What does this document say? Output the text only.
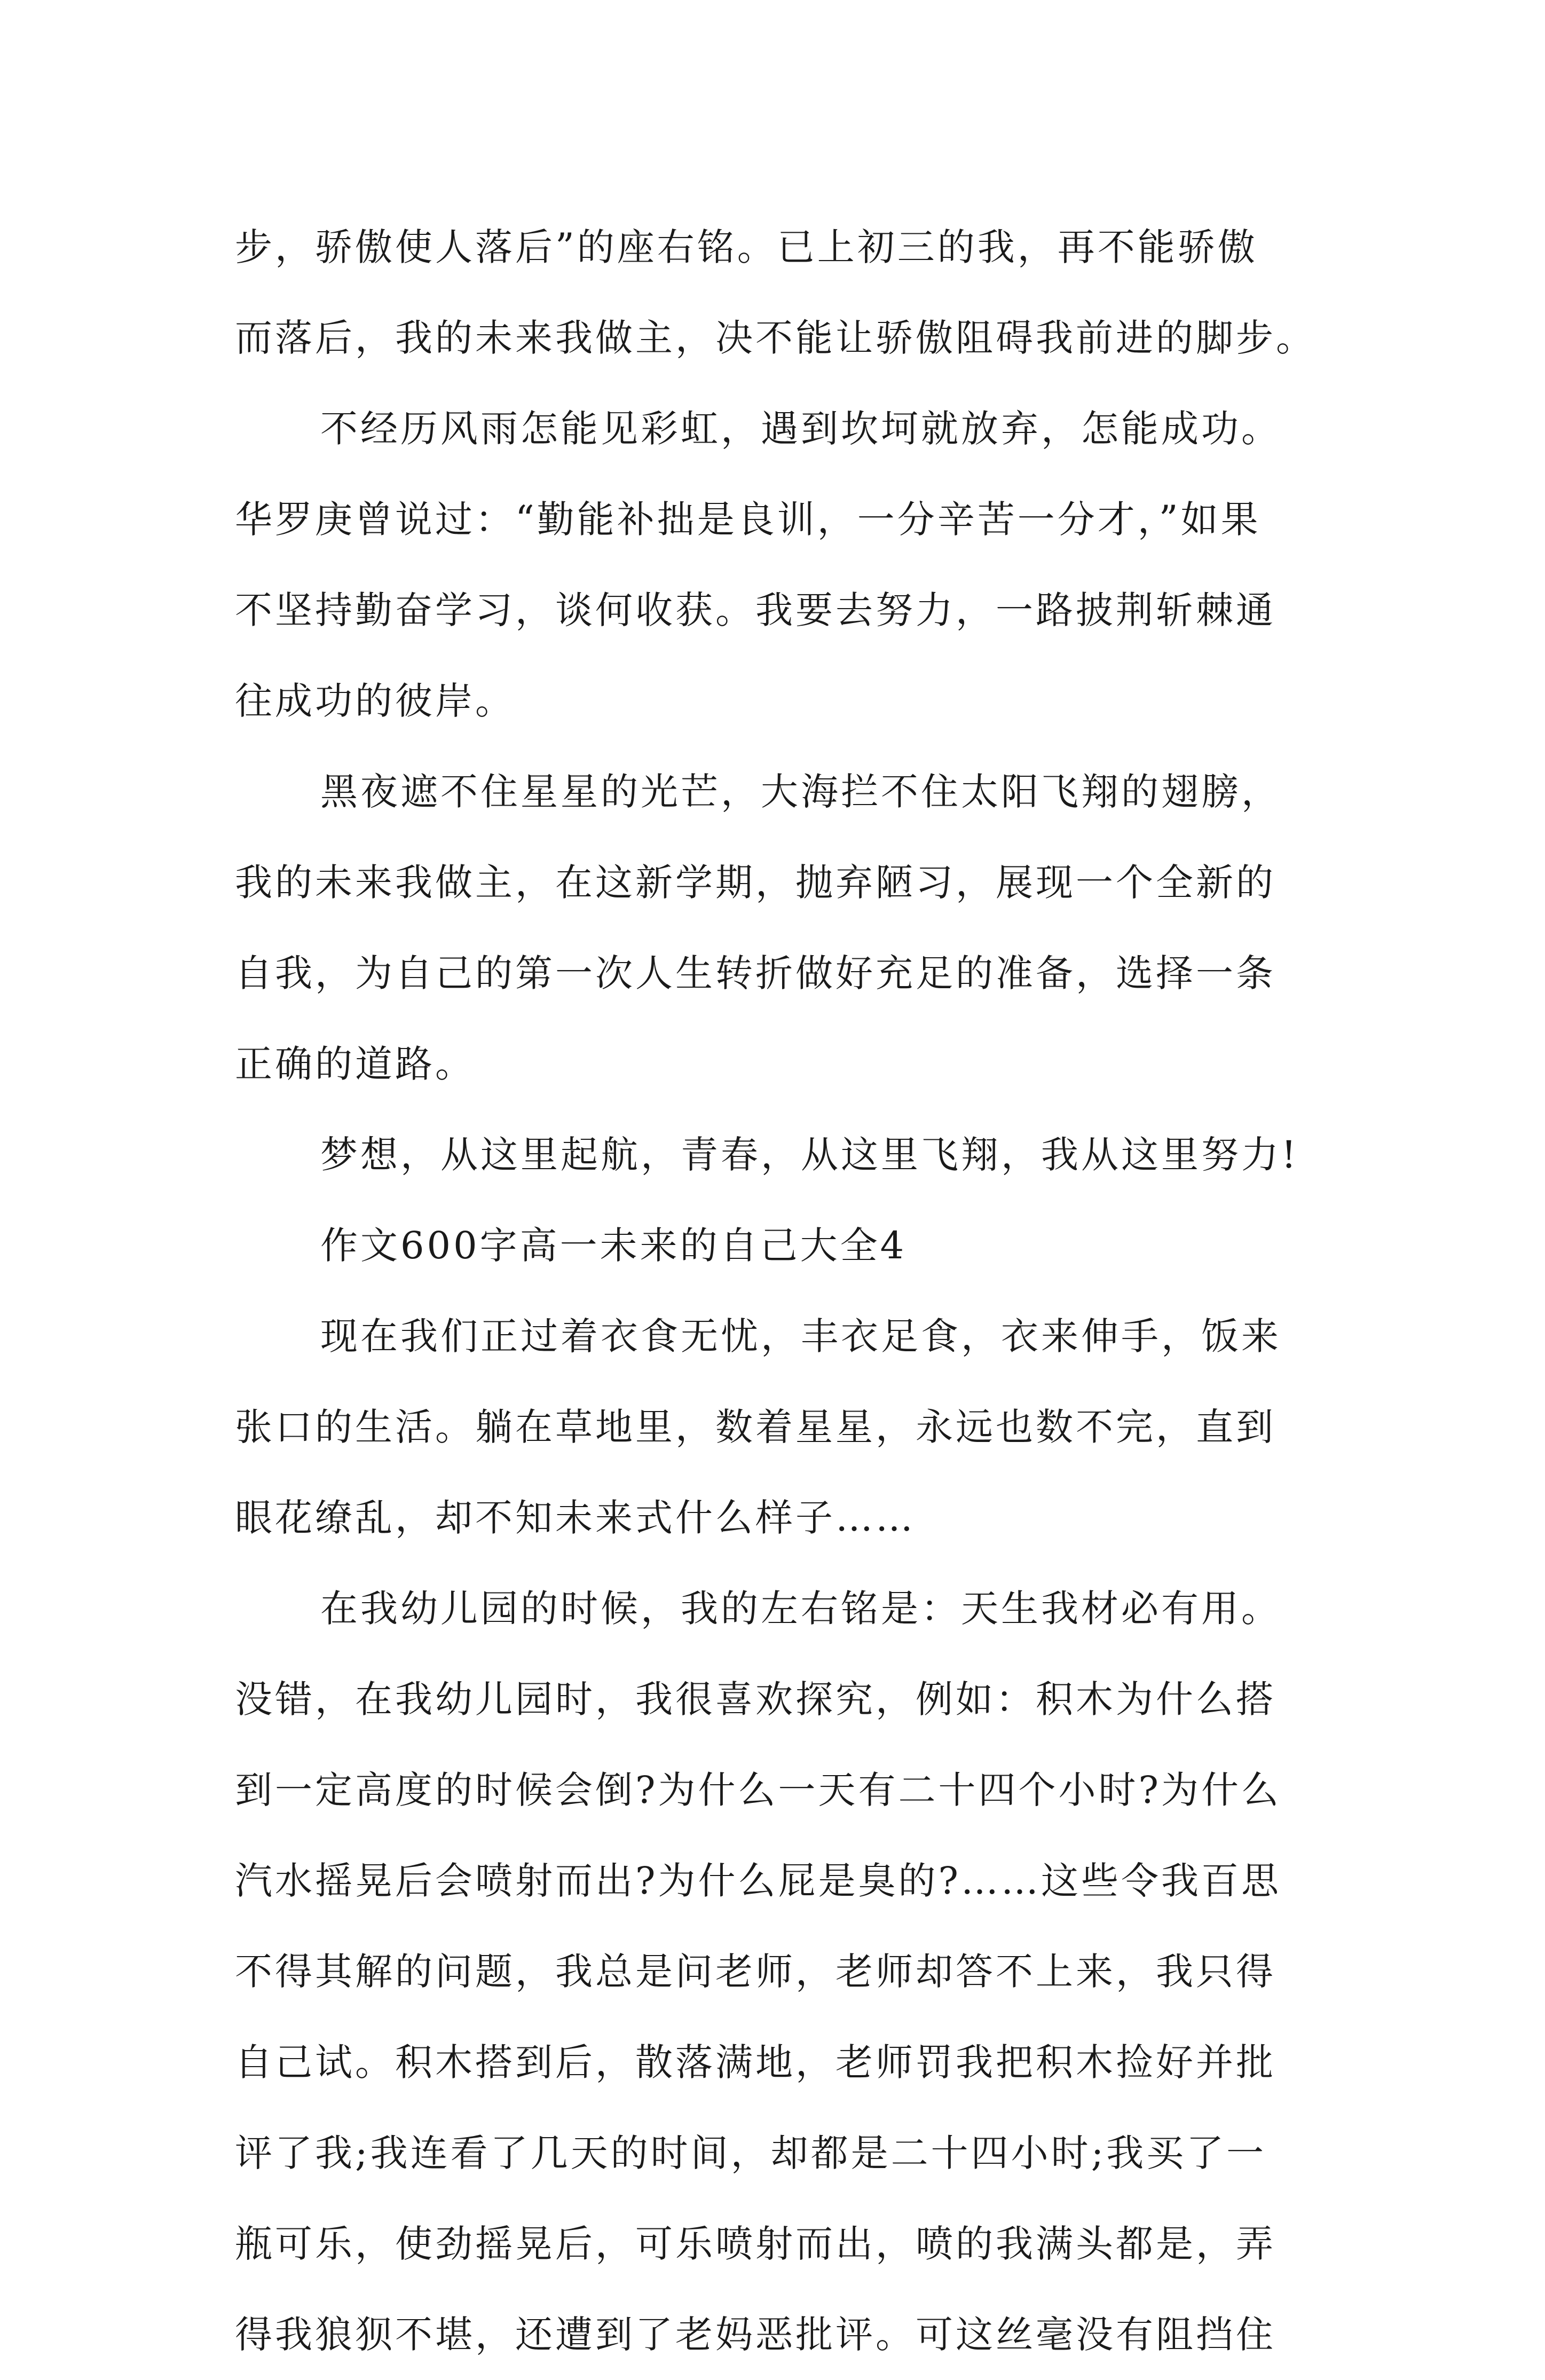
步，骄傲使人落后”的座右铭。已上初三的我，再不能骄傲
而落后，我的未来我做主，决不能让骄傲阻碍我前进的脚步。
不经历风雨怎能见彩虹，遇到坎坷就放弃，怎能成功。
华罗庚曾说过：“勤能补拙是良训，一分辛苦一分才，”如果
不坚持勤奋学习，谈何收获。我要去努力，一路披荆斩棘通
往成功的彼岸。
黑夜遮不住星星的光芒，大海拦不住太阳飞翔的翅膀，
我的未来我做主，在这新学期，抛弃陋习，展现一个全新的
自我，为自己的第一次人生转折做好充足的准备，选择一条
正确的道路。
梦想，从这里起航，青春，从这里飞翔，我从这里努力!
作文600字高一未来的自己大全4
现在我们正过着衣食无忧，丰衣足食，衣来伸手，饭来
张口的生活。躺在草地里，数着星星，永远也数不完，直到
眼花缭乱，却不知未来式什么样子……
在我幼儿园的时候，我的左右铭是：天生我材必有用。
没错，在我幼儿园时，我很喜欢探究，例如：积木为什么搭
到一定高度的时候会倒?为什么一天有二十四个小时?为什么
汽水摇晃后会喷射而出?为什么屁是臭的?……这些令我百思
不得其解的问题，我总是问老师，老师却答不上来，我只得
自己试。积木搭到后，散落满地，老师罚我把积木捡好并批
评了我;我连看了几天的时间，却都是二十四小时;我买了一
瓶可乐，使劲摇晃后，可乐喷射而出，喷的我满头都是，弄
得我狼狈不堪，还遭到了老妈恶批评。可这丝毫没有阻挡住
